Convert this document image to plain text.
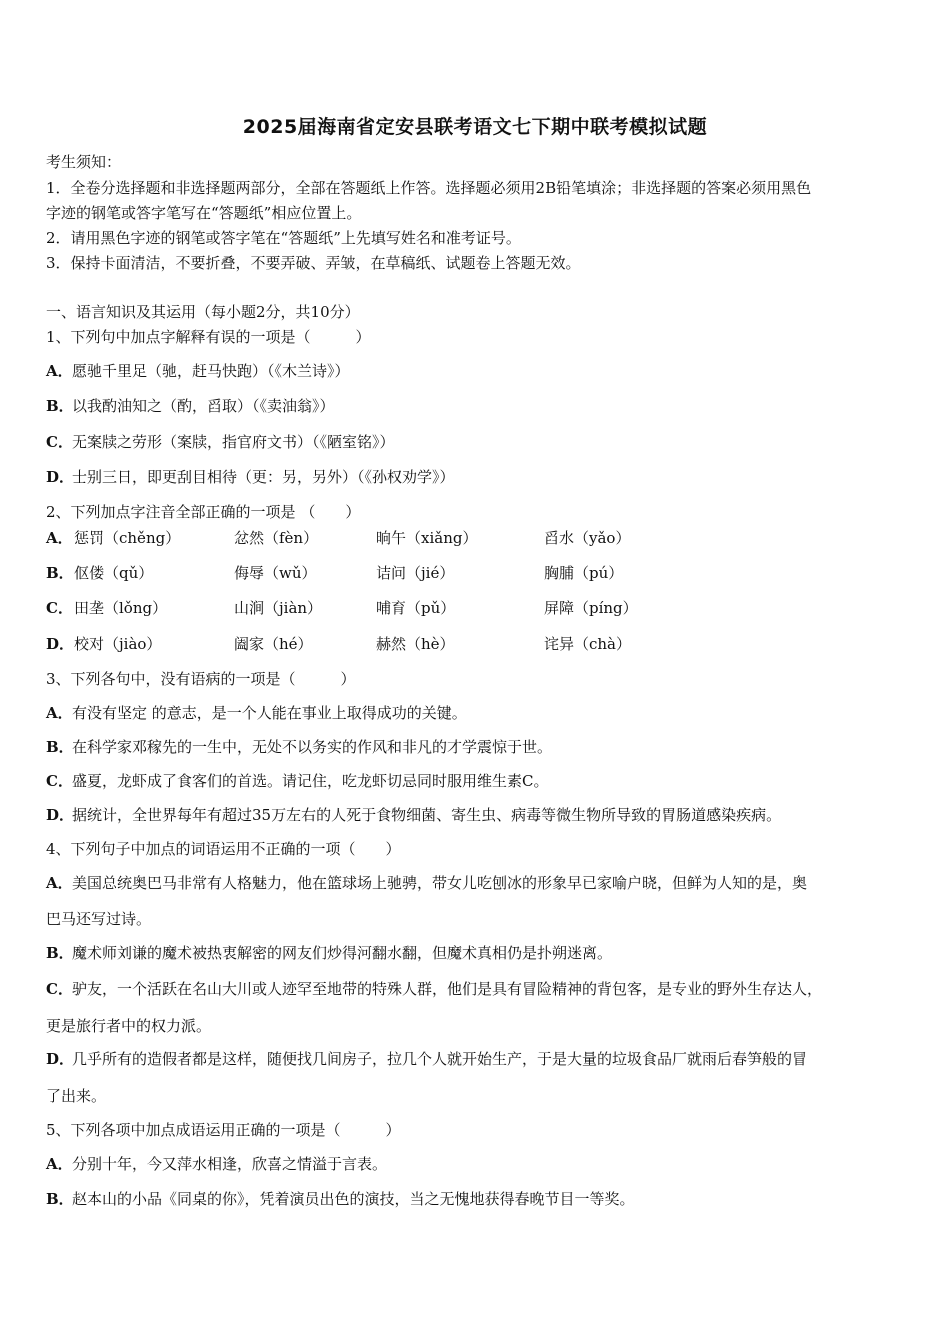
2025届海南省定安县联考语文七下期中联考模拟试题
考生须知：
1．全卷分选择题和非选择题两部分，全部在答题纸上作答。选择题必须用2B铅笔填涂；非选择题的答案必须用黑色
字迹的钢笔或答字笔写在“答题纸”相应位置上。
2．请用黑色字迹的钢笔或答字笔在“答题纸”上先填写姓名和准考证号。
3．保持卡面清洁，不要折叠，不要弄破、弄皱，在草稿纸、试题卷上答题无效。
一、语言知识及其运用（每小题2分，共10分）
1、下列句中加点字解释有误的一项是（　　　）
A．愿驰千里足（驰，赶马快跑）（《木兰诗》）
B．以我酌油知之（酌，舀取）（《卖油翁》）
C．无案牍之劳形（案牍，指官府文书）（《陋室铭》）
D．士别三日，即更刮目相待（更：另，另外）（《孙权劝学》）
2、下列加点字注音全部正确的一项是 （　　）
A． 惩罚（chěng）	忿然（fèn）	晌午（xiǎng）	舀水（yǎo）
B． 伛偻（qǔ）	侮辱（wǔ）	诘问（jié）	胸脯（pú）
C． 田垄（lǒng）	山涧（jiàn）	哺育（pǔ）	屏障（píng）
D． 校对（jiào）	阖家（hé）	赫然（hè）	诧异（chà）
3、下列各句中，没有语病的一项是（　　　）
A．有没有坚定 的意志，是一个人能在事业上取得成功的关键。
B．在科学家邓稼先的一生中，无处不以务实的作风和非凡的才学震惊于世。
C．盛夏，龙虾成了食客们的首选。请记住，吃龙虾切忌同时服用维生素C。
D．据统计，全世界每年有超过35万左右的人死于食物细菌、寄生虫、病毒等微生物所导致的胃肠道感染疾病。
4、下列句子中加点的词语运用不正确的一项（　　）
A．美国总统奥巴马非常有人格魅力，他在篮球场上驰骋，带女儿吃刨冰的形象早已家喻户晓，但鲜为人知的是，奥
巴马还写过诗。
B．魔术师刘谦的魔术被热衷解密的网友们炒得河翻水翻，但魔术真相仍是扑朔迷离。
C．驴友，一个活跃在名山大川或人迹罕至地带的特殊人群，他们是具有冒险精神的背包客，是专业的野外生存达人，
更是旅行者中的权力派。
D．几乎所有的造假者都是这样，随便找几间房子，拉几个人就开始生产，于是大量的垃圾食品厂就雨后春笋般的冒
了出来。
5、下列各项中加点成语运用正确的一项是（　　　）
A．分别十年，今又萍水相逢，欣喜之情溢于言表。
B．赵本山的小品《同桌的你》，凭着演员出色的演技，当之无愧地获得春晚节目一等奖。
